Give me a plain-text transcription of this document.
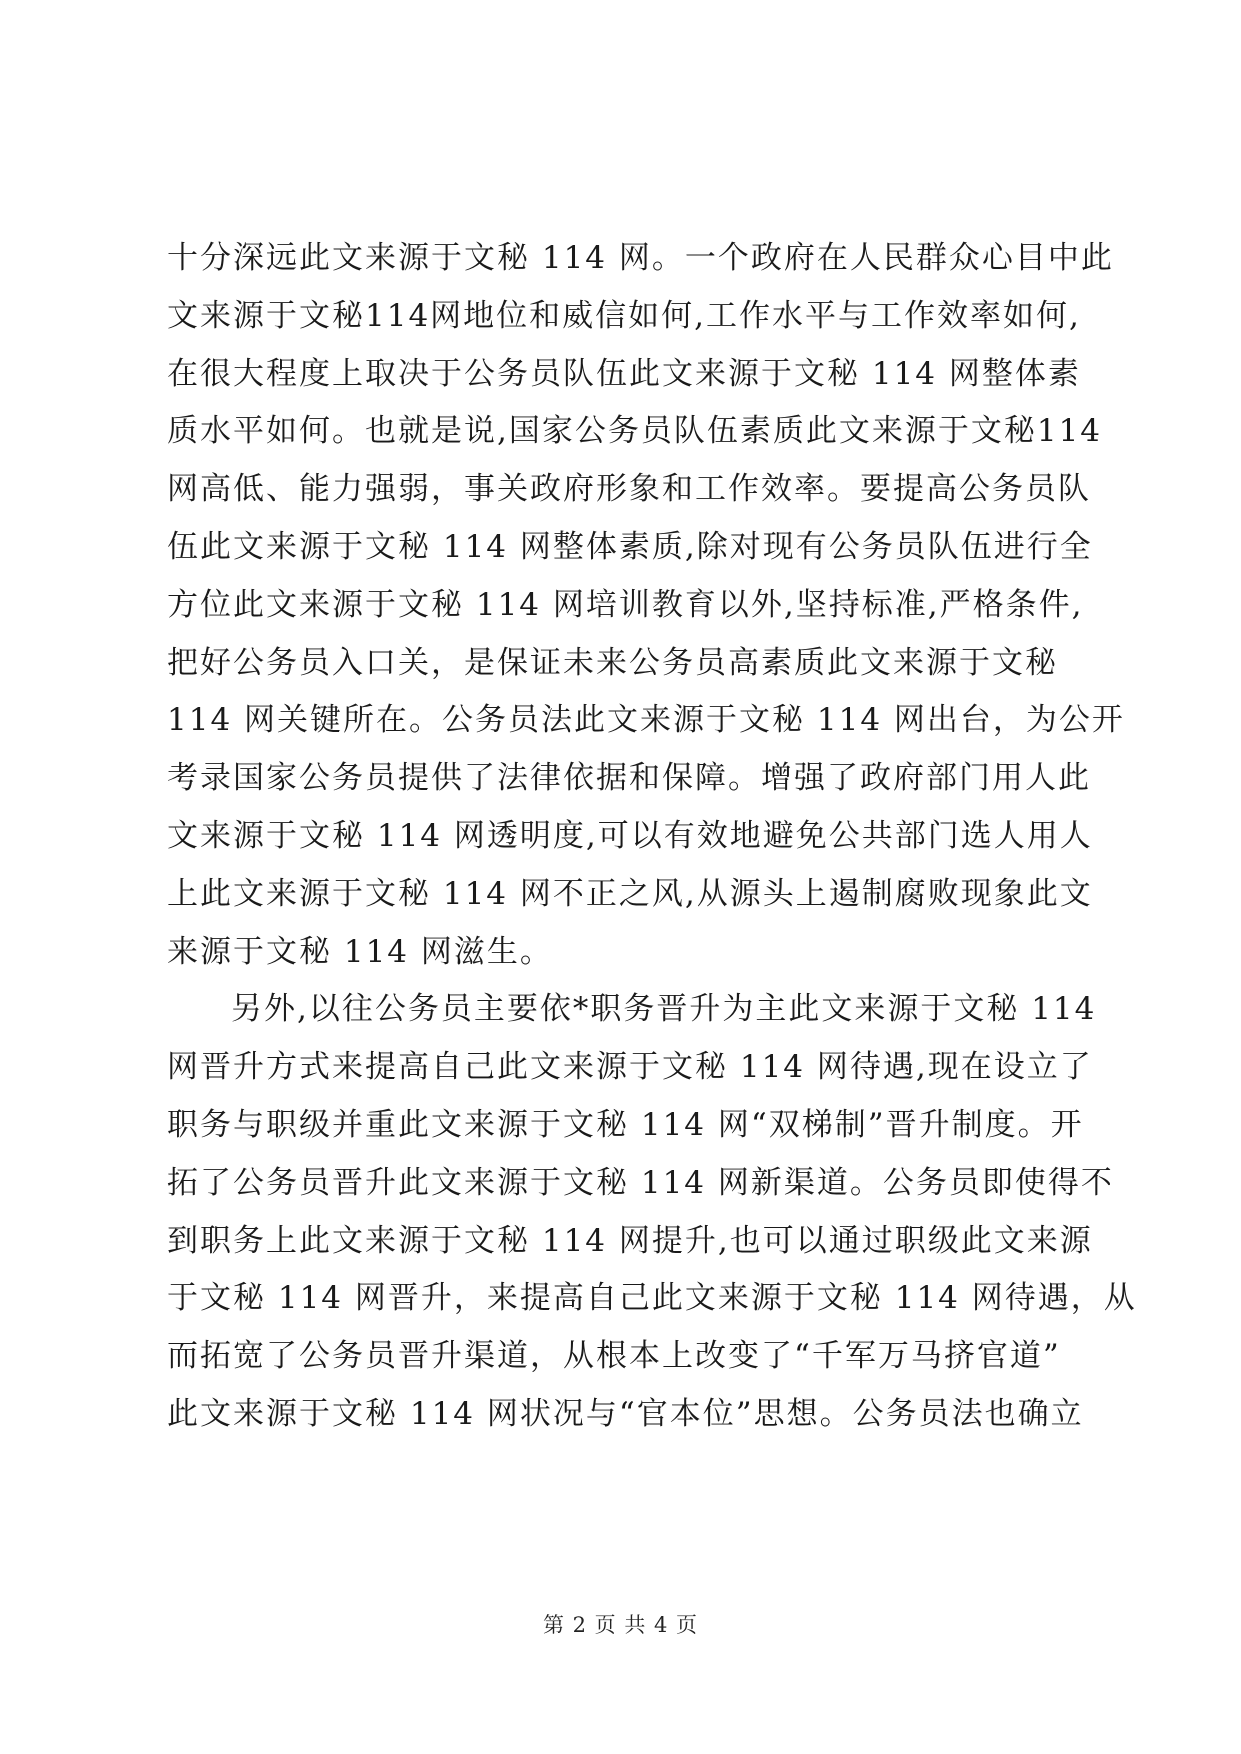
十分深远此文来源于文秘 114 网。一个政府在人民群众心目中此
文来源于文秘114网地位和威信如何,工作水平与工作效率如何,
在很大程度上取决于公务员队伍此文来源于文秘 114 网整体素
质水平如何。也就是说,国家公务员队伍素质此文来源于文秘114
网高低、能力强弱，事关政府形象和工作效率。要提高公务员队
伍此文来源于文秘 114 网整体素质,除对现有公务员队伍进行全
方位此文来源于文秘 114 网培训教育以外,坚持标准,严格条件,
把好公务员入口关，是保证未来公务员高素质此文来源于文秘
114 网关键所在。公务员法此文来源于文秘 114 网出台，为公开
考录国家公务员提供了法律依据和保障。增强了政府部门用人此
文来源于文秘 114 网透明度,可以有效地避免公共部门选人用人
上此文来源于文秘 114 网不正之风,从源头上遏制腐败现象此文
来源于文秘 114 网滋生。
另外,以往公务员主要依*职务晋升为主此文来源于文秘 114
网晋升方式来提高自己此文来源于文秘 114 网待遇,现在设立了
职务与职级并重此文来源于文秘 114 网“双梯制”晋升制度。开
拓了公务员晋升此文来源于文秘 114 网新渠道。公务员即使得不
到职务上此文来源于文秘 114 网提升,也可以通过职级此文来源
于文秘 114 网晋升，来提高自己此文来源于文秘 114 网待遇，从
而拓宽了公务员晋升渠道，从根本上改变了“千军万马挤官道”
此文来源于文秘 114 网状况与“官本位”思想。公务员法也确立
第 2 页 共 4 页
